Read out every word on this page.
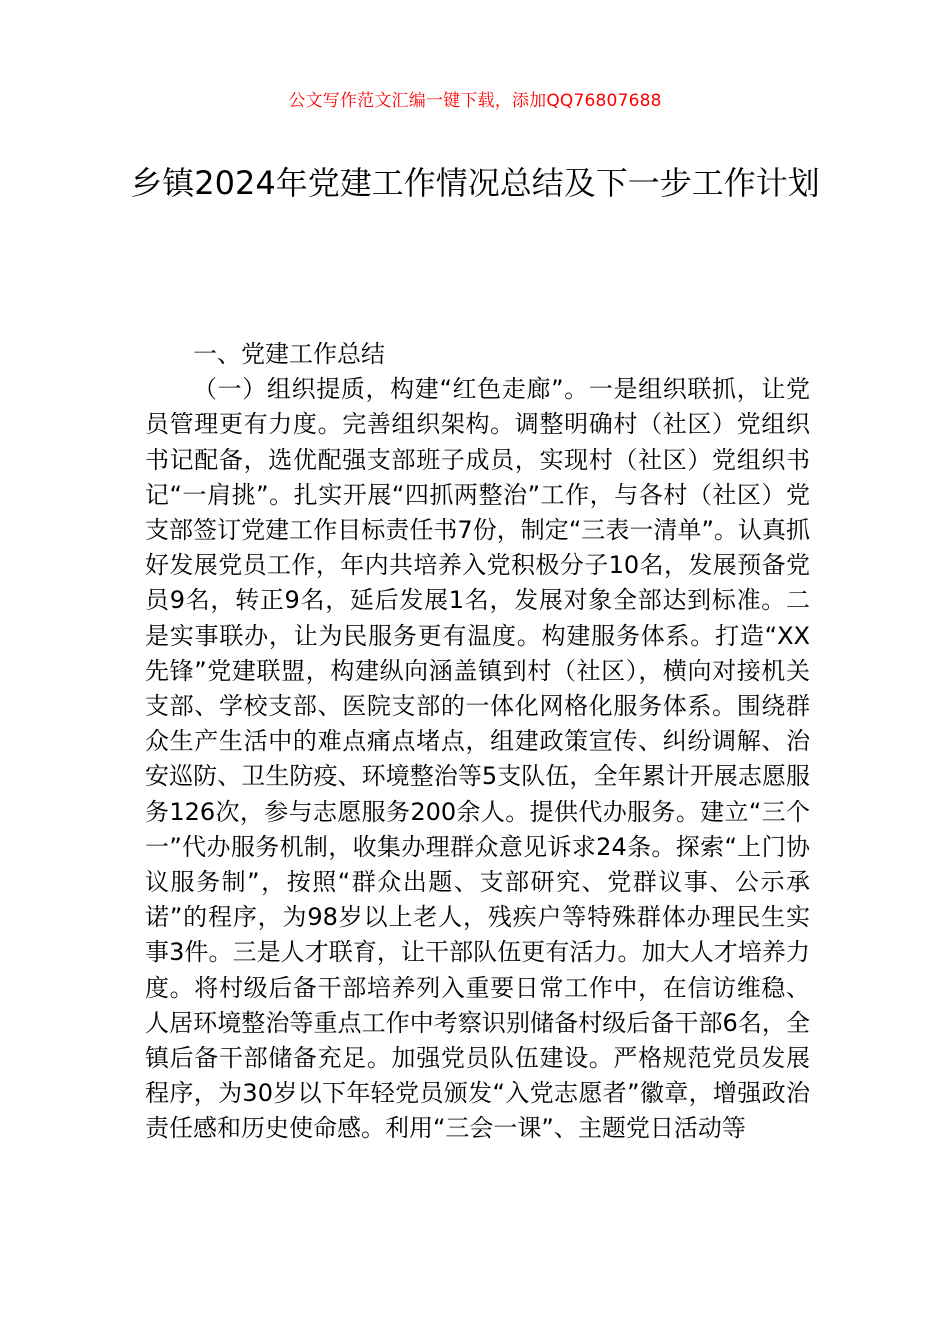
公文写作范文汇编一键下载，添加QQ76807688
乡镇2024年党建工作情况总结及下一步工作计划

一、党建工作总结

（一）组织提质，构建“红色走廊”。一是组织联抓，让党员管理更有力度。完善组织架构。调整明确村（社区）党组织书记配备，选优配强支部班子成员，实现村（社区）党组织书记“一肩挑”。扎实开展“四抓两整治”工作，与各村（社区）党支部签订党建工作目标责任书7份，制定“三表一清单”。认真抓好发展党员工作，年内共培养入党积极分子10名，发展预备党员9名，转正9名，延后发展1名，发展对象全部达到标准。二是实事联办，让为民服务更有温度。构建服务体系。打造“XX先锋”党建联盟，构建纵向涵盖镇到村（社区），横向对接机关支部、学校支部、医院支部的一体化网格化服务体系。围绕群众生产生活中的难点痛点堵点，组建政策宣传、纠纷调解、治安巡防、卫生防疫、环境整治等5支队伍，全年累计开展志愿服务126次，参与志愿服务200余人。提供代办服务。建立“三个一”代办服务机制，收集办理群众意见诉求24条。探索“上门协议服务制”，按照“群众出题、支部研究、党群议事、公示承诺”的程序，为98岁以上老人，残疾户等特殊群体办理民生实事3件。三是人才联育，让干部队伍更有活力。加大人才培养力度。将村级后备干部培养列入重要日常工作中，在信访维稳、人居环境整治等重点工作中考察识别储备村级后备干部6名，全镇后备干部储备充足。加强党员队伍建设。严格规范党员发展程序，为30岁以下年轻党员颁发“入党志愿者”徽章，增强政治责任感和历史使命感。利用“三会一课”、主题党日活动等
